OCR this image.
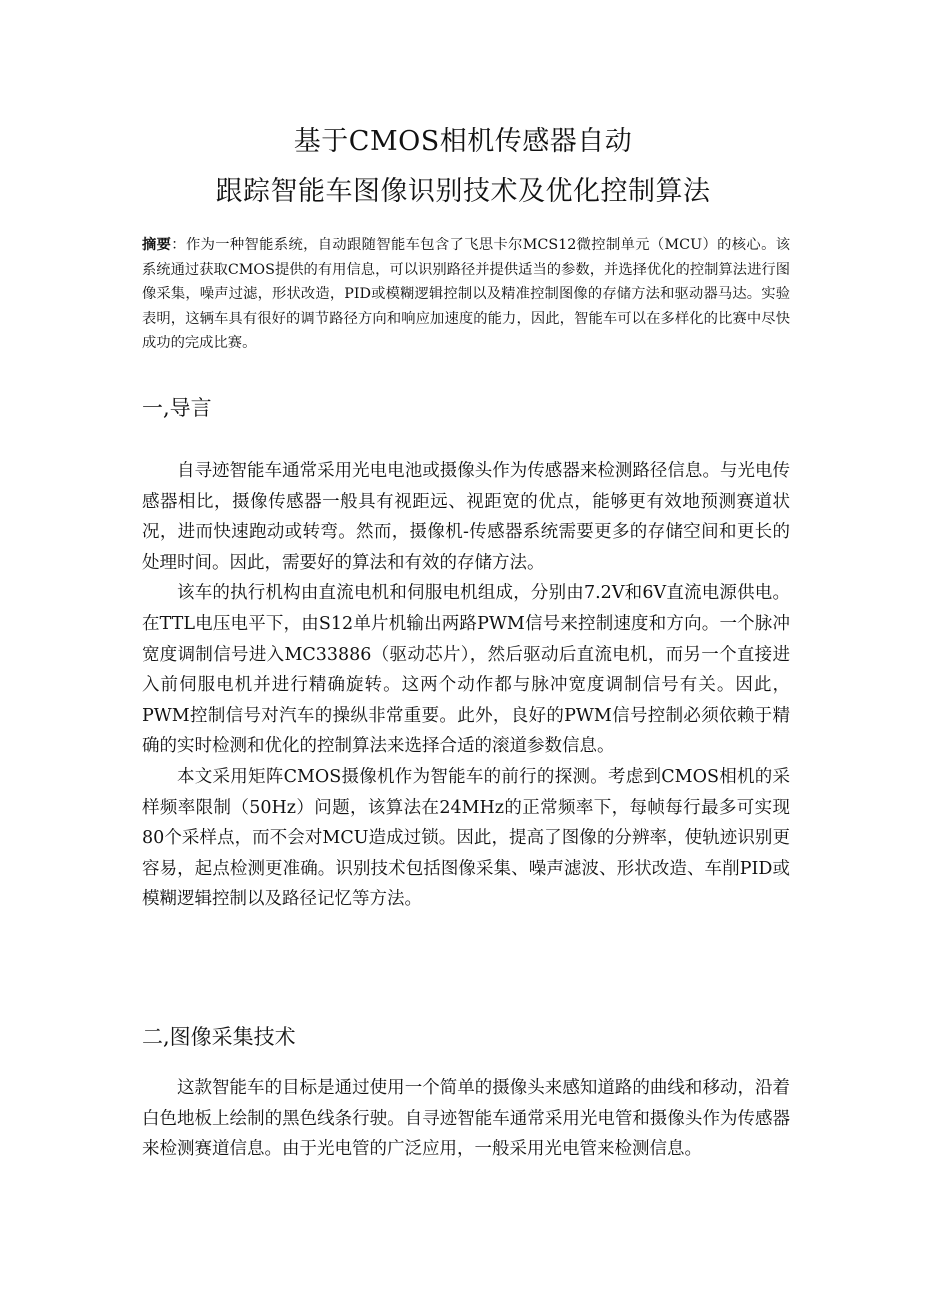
基于CMOS相机传感器自动
跟踪智能车图像识别技术及优化控制算法
摘要：作为一种智能系统，自动跟随智能车包含了飞思卡尔MCS12微控制单元（MCU）的核心。该系统通过获取CMOS提供的有用信息，可以识别路径并提供适当的参数，并选择优化的控制算法进行图像采集，噪声过滤，形状改造，PID或模糊逻辑控制以及精准控制图像的存储方法和驱动器马达。实验表明，这辆车具有很好的调节路径方向和响应加速度的能力，因此，智能车可以在多样化的比赛中尽快成功的完成比赛。
一,导言

自寻迹智能车通常采用光电电池或摄像头作为传感器来检测路径信息。与光电传感器相比，摄像传感器一般具有视距远、视距宽的优点，能够更有效地预测赛道状况，进而快速跑动或转弯。然而，摄像机-传感器系统需要更多的存储空间和更长的处理时间。因此，需要好的算法和有效的存储方法。

该车的执行机构由直流电机和伺服电机组成，分别由7.2V和6V直流电源供电。在TTL电压电平下，由S12单片机输出两路PWM信号来控制速度和方向。一个脉冲宽度调制信号进入MC33886（驱动芯片），然后驱动后直流电机，而另一个直接进入前伺服电机并进行精确旋转。这两个动作都与脉冲宽度调制信号有关。因此，PWM控制信号对汽车的操纵非常重要。此外，良好的PWM信号控制必须依赖于精确的实时检测和优化的控制算法来选择合适的滚道参数信息。

本文采用矩阵CMOS摄像机作为智能车的前行的探测。考虑到CMOS相机的采样频率限制（50Hz）问题，该算法在24MHz的正常频率下，每帧每行最多可实现80个采样点，而不会对MCU造成过锁。因此，提高了图像的分辨率，使轨迹识别更容易，起点检测更准确。识别技术包括图像采集、噪声滤波、形状改造、车削PID或模糊逻辑控制以及路径记忆等方法。

二,图像采集技术

这款智能车的目标是通过使用一个简单的摄像头来感知道路的曲线和移动，沿着白色地板上绘制的黑色线条行驶。自寻迹智能车通常采用光电管和摄像头作为传感器来检测赛道信息。由于光电管的广泛应用，一般采用光电管来检测信息。
